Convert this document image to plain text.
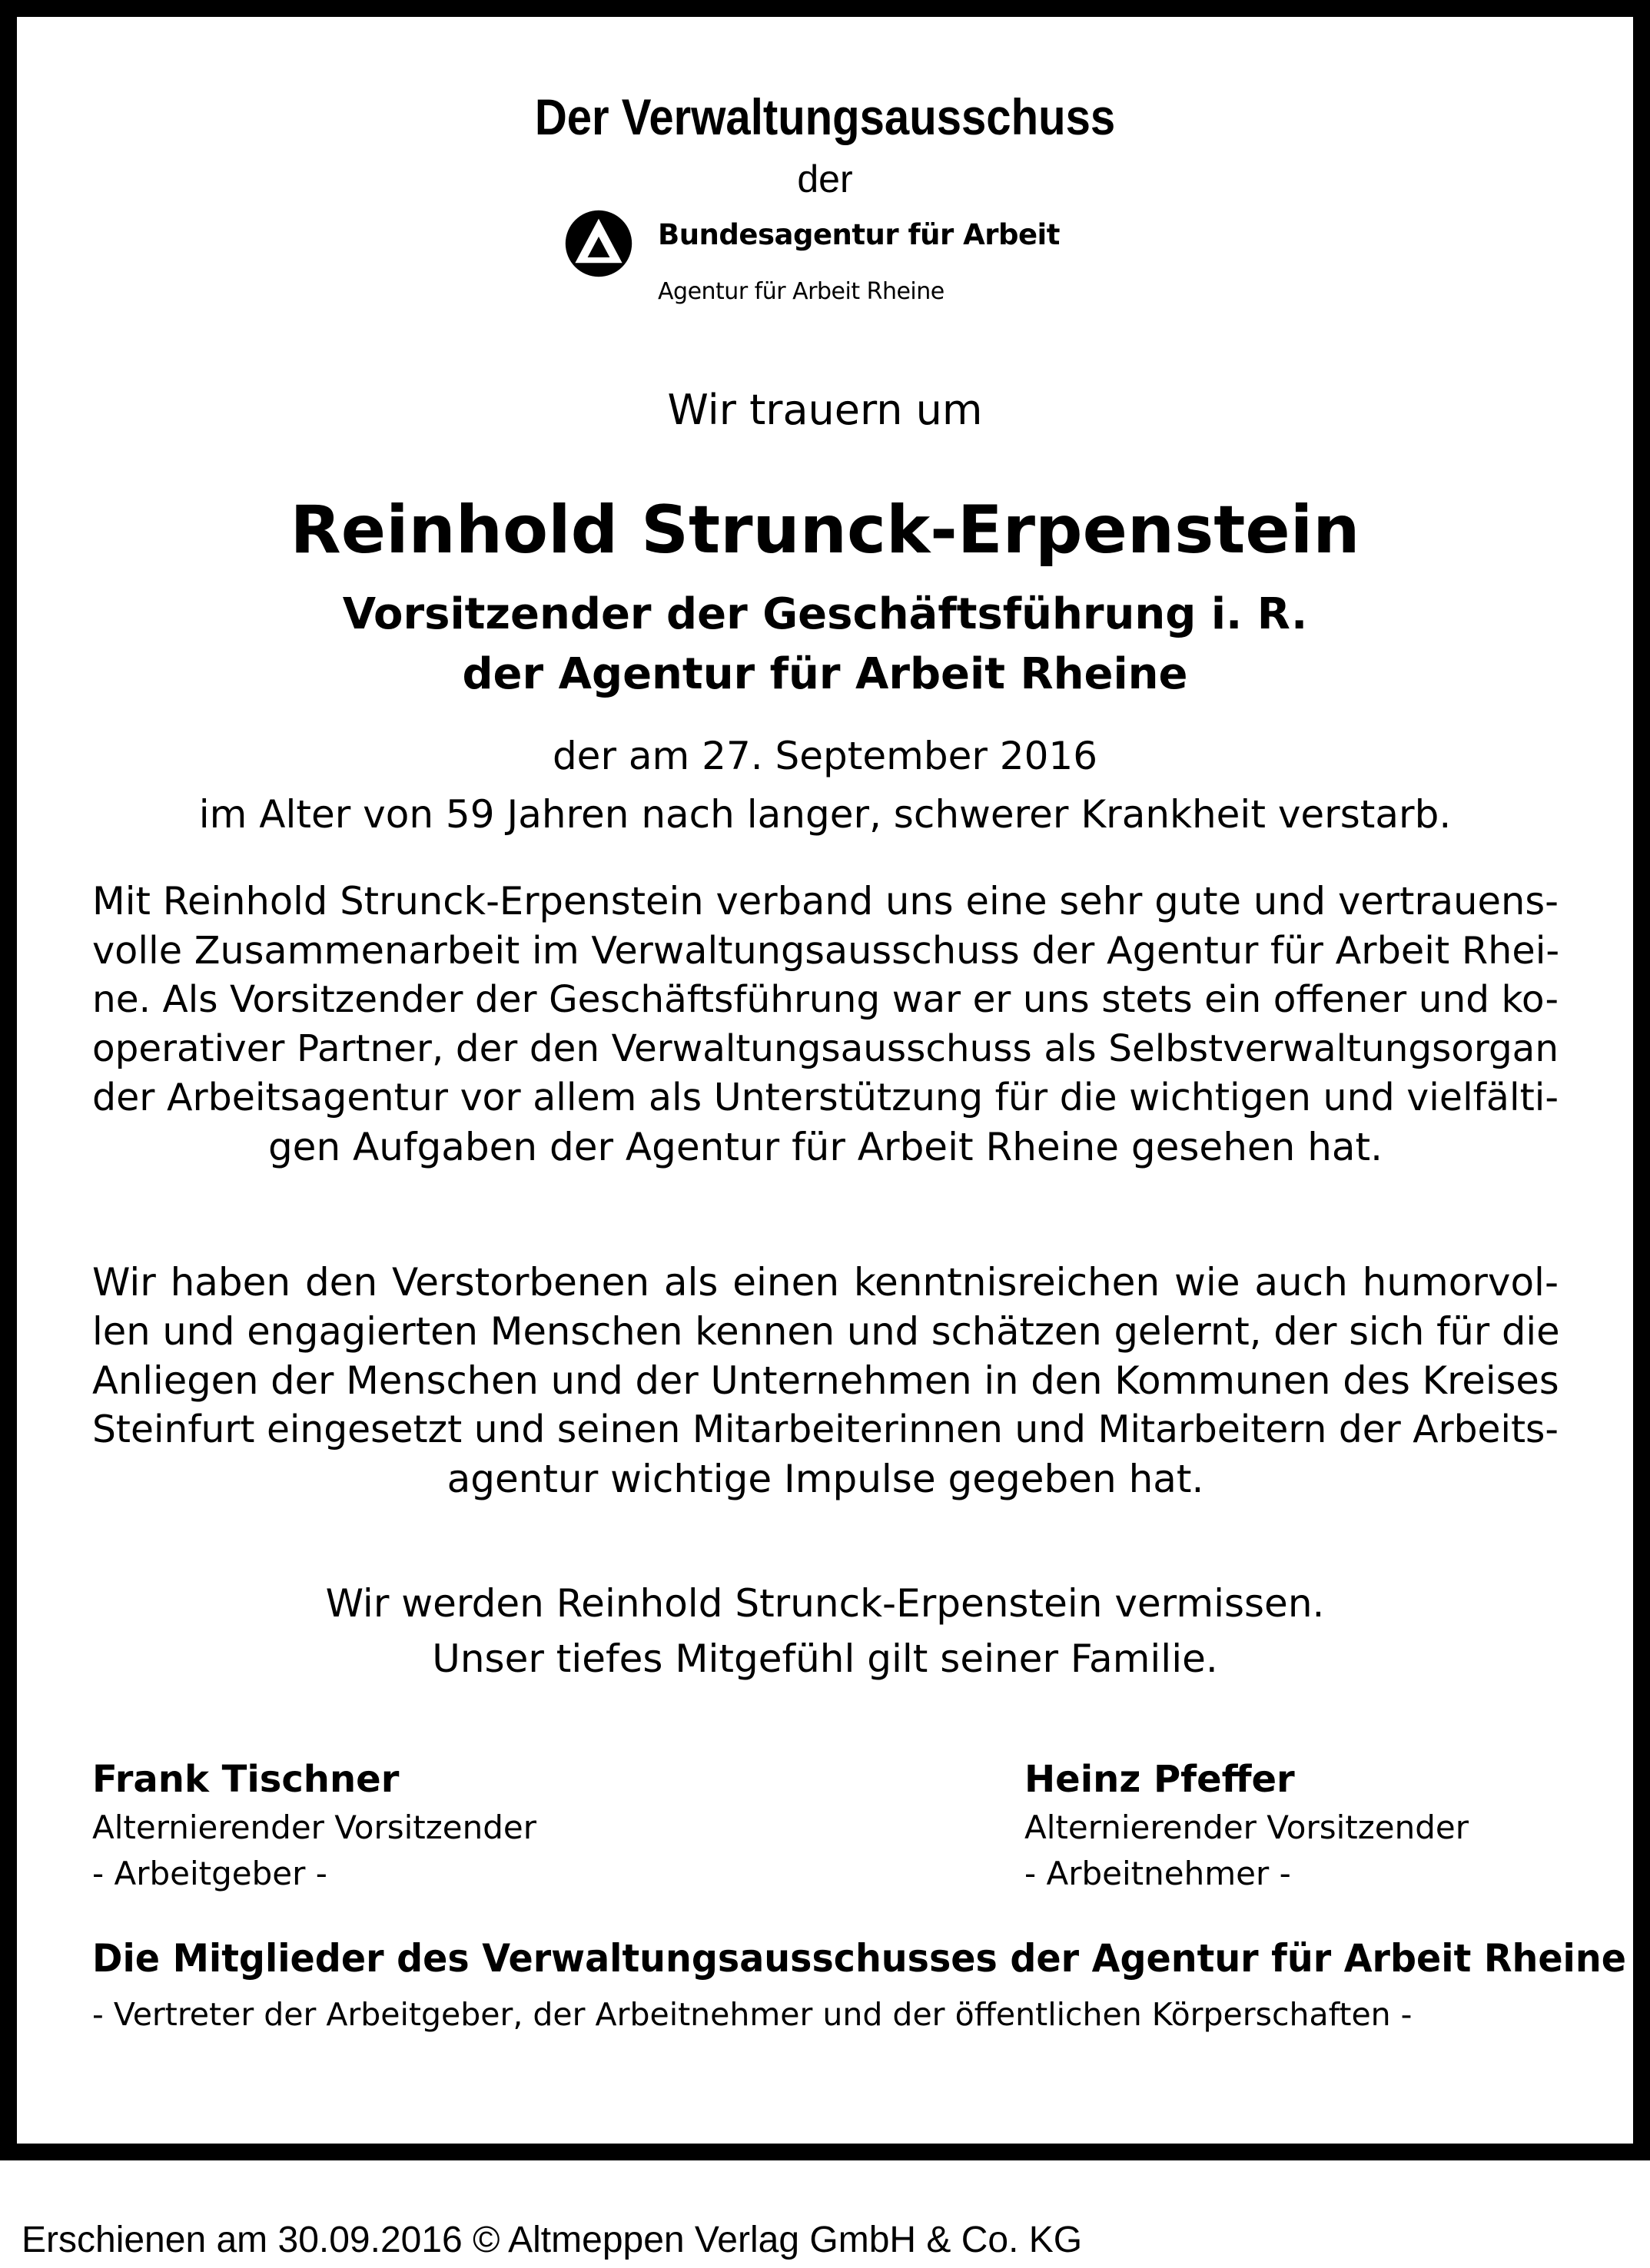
Der Verwaltungsausschuss

der

Bundesagentur für Arbeit
Agentur für Arbeit Rheine

Wir trauern um

Reinhold Strunck-Erpenstein

Vorsitzender der Geschäftsführung i. R.

der Agentur für Arbeit Rheine

der am 27. September 2016

im Alter von 59 Jahren nach langer, schwerer Krankheit verstarb.

Mit Reinhold Strunck-Erpenstein verband uns eine sehr gute und vertrauens-
volle Zusammenarbeit im Verwaltungsausschuss der Agentur für Arbeit Rhei-
ne. Als Vorsitzender der Geschäftsführung war er uns stets ein offener und ko-
operativer Partner, der den Verwaltungsausschuss als Selbstverwaltungsorgan
der Arbeitsagentur vor allem als Unterstützung für die wichtigen und vielfälti-
gen Aufgaben der Agentur für Arbeit Rheine gesehen hat.
Wir haben den Verstorbenen als einen kenntnisreichen wie auch humorvol-
len und engagierten Menschen kennen und schätzen gelernt, der sich für die
Anliegen der Menschen und der Unternehmen in den Kommunen des Kreises
Steinfurt eingesetzt und seinen Mitarbeiterinnen und Mitarbeitern der Arbeits-
agentur wichtige Impulse gegeben hat.

Wir werden Reinhold Strunck-Erpenstein vermissen.

Unser tiefes Mitgefühl gilt seiner Familie.

Frank Tischner

Alternierender Vorsitzender

- Arbeitgeber -

Heinz Pfeffer

Alternierender Vorsitzender

- Arbeitnehmer -

Die Mitglieder des Verwaltungsausschusses der Agentur für Arbeit Rheine

- Vertreter der Arbeitgeber, der Arbeitnehmer und der öffentlichen Körperschaften -

Erschienen am 30.09.2016 © Altmeppen Verlag GmbH & Co. KG
